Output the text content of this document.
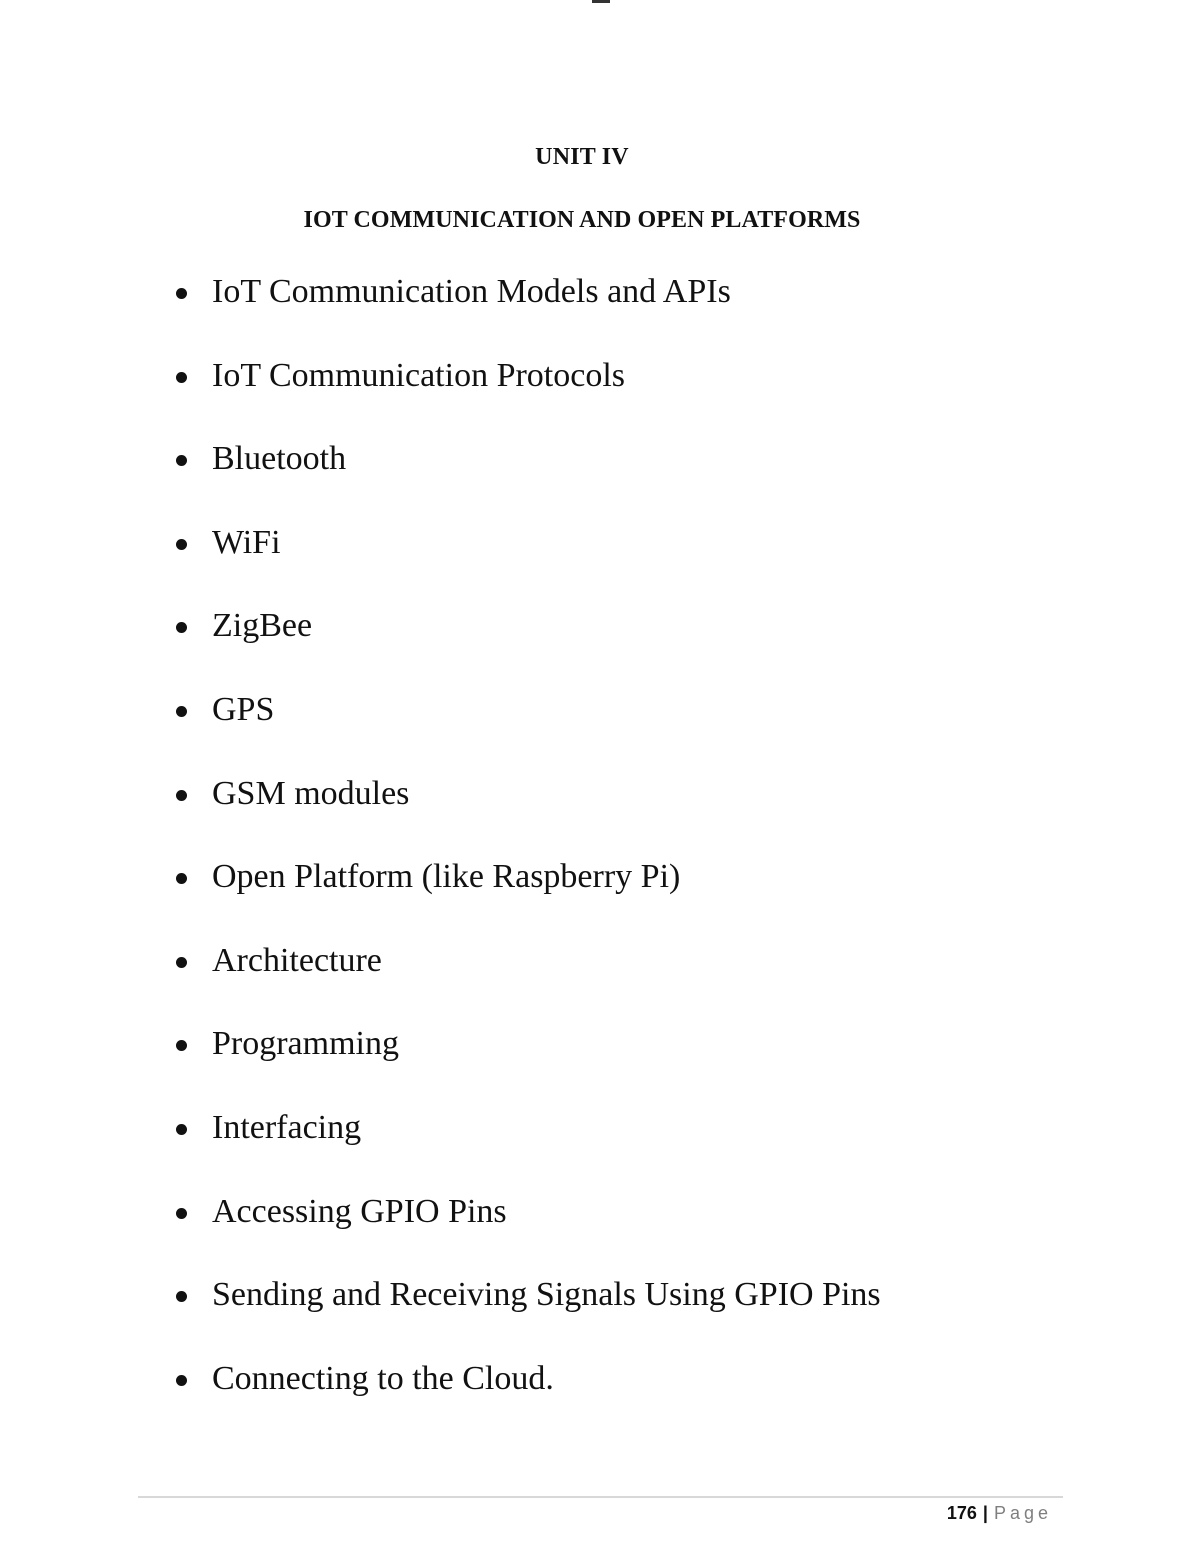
UNIT IV
IOT COMMUNICATION AND OPEN PLATFORMS
IoT Communication Models and APIs
IoT Communication Protocols
Bluetooth
WiFi
ZigBee
GPS
GSM modules
Open Platform (like Raspberry Pi)
Architecture
Programming
Interfacing
Accessing GPIO Pins
Sending and Receiving Signals Using GPIO Pins
Connecting to the Cloud.
176 | Page
